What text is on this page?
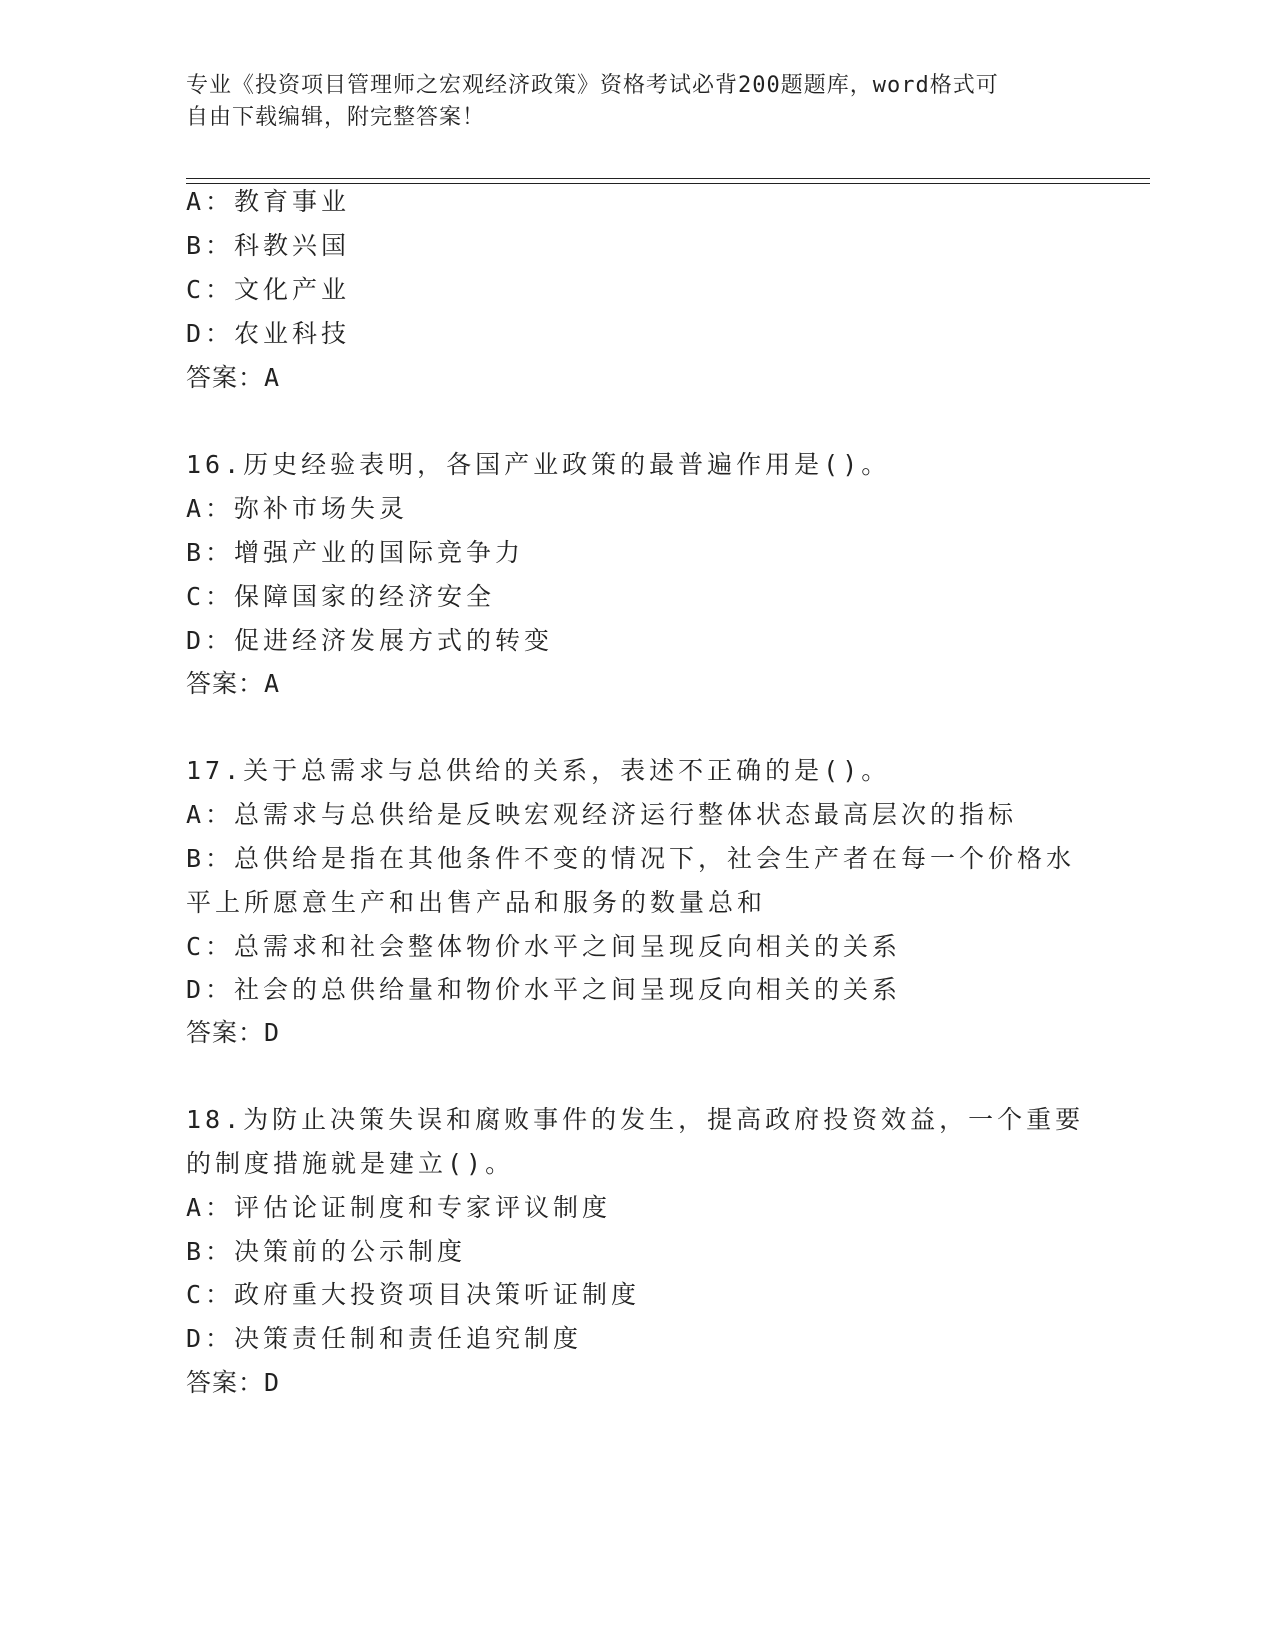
专业《投资项目管理师之宏观经济政策》资格考试必背200题题库，word格式可
自由下载编辑，附完整答案！
A：教育事业
B：科教兴国
C：文化产业
D：农业科技
答案：A
16.历史经验表明，各国产业政策的最普遍作用是()。
A：弥补市场失灵
B：增强产业的国际竞争力
C：保障国家的经济安全
D：促进经济发展方式的转变
答案：A
17.关于总需求与总供给的关系，表述不正确的是()。
A：总需求与总供给是反映宏观经济运行整体状态最高层次的指标
B：总供给是指在其他条件不变的情况下，社会生产者在每一个价格水
平上所愿意生产和出售产品和服务的数量总和
C：总需求和社会整体物价水平之间呈现反向相关的关系
D：社会的总供给量和物价水平之间呈现反向相关的关系
答案：D
18.为防止决策失误和腐败事件的发生，提高政府投资效益，一个重要
的制度措施就是建立()。
A：评估论证制度和专家评议制度
B：决策前的公示制度
C：政府重大投资项目决策听证制度
D：决策责任制和责任追究制度
答案：D
